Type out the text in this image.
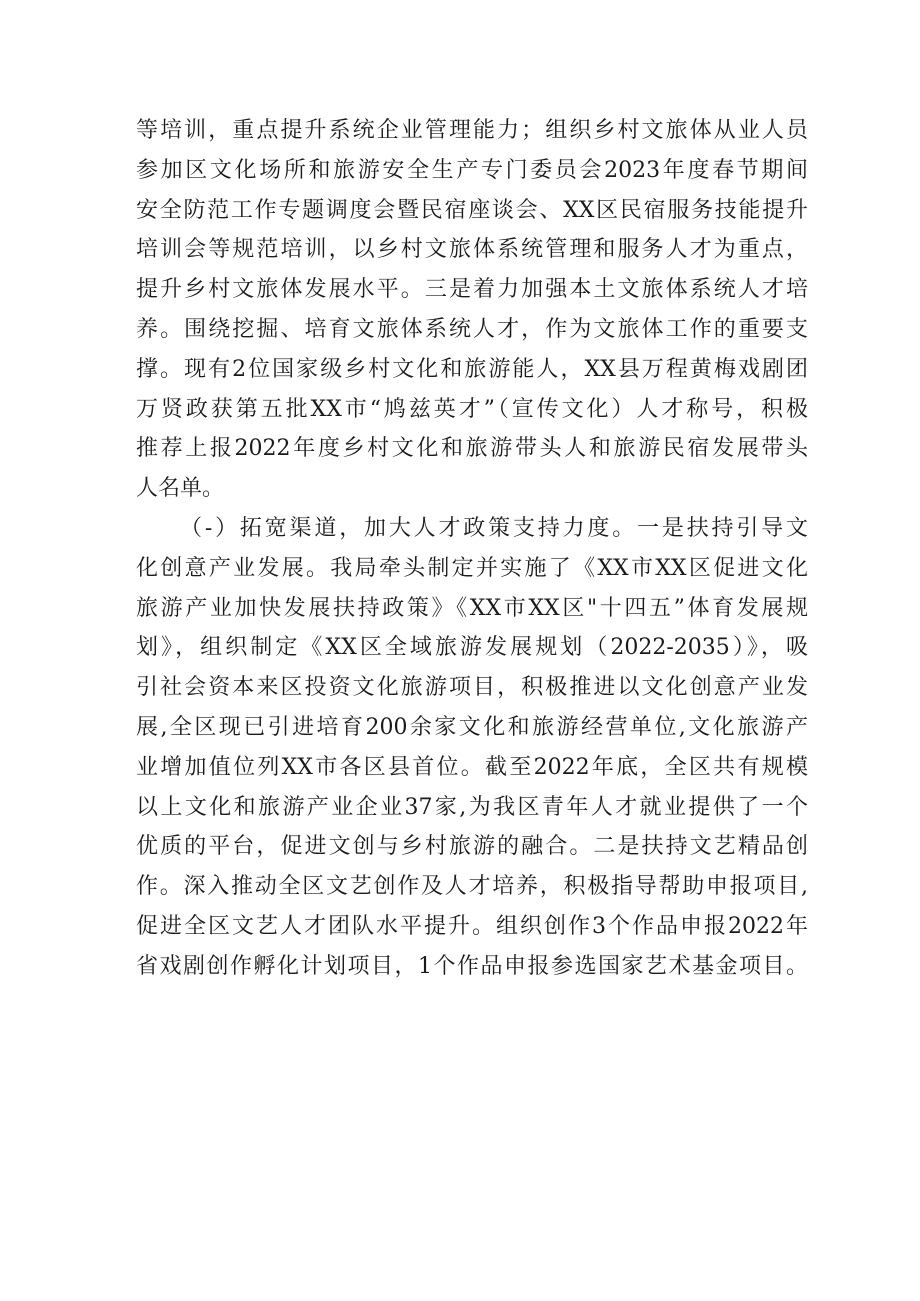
等培训，重点提升系统企业管理能力；组织乡村文旅体从业人员
参加区文化场所和旅游安全生产专门委员会2023年度春节期间
安全防范工作专题调度会暨民宿座谈会、XX区民宿服务技能提升
培训会等规范培训，以乡村文旅体系统管理和服务人才为重点，
提升乡村文旅体发展水平。三是着力加强本土文旅体系统人才培
养。围绕挖掘、培育文旅体系统人才，作为文旅体工作的重要支
撑。现有2位国家级乡村文化和旅游能人，XX县万程黄梅戏剧团
万贤政获第五批XX市“鸠兹英才”（宣传文化）人才称号，积极
推荐上报2022年度乡村文化和旅游带头人和旅游民宿发展带头
人名单。

（-）拓宽渠道，加大人才政策支持力度。一是扶持引导文
化创意产业发展。我局牵头制定并实施了《XX市XX区促进文化
旅游产业加快发展扶持政策》《XX市XX区"十四五”体育发展规
划》，组织制定《XX区全域旅游发展规划（2022-2035）》，吸
引社会资本来区投资文化旅游项目，积极推进以文化创意产业发
展,全区现已引进培育200余家文化和旅游经营单位,文化旅游产
业增加值位列XX市各区县首位。截至2022年底，全区共有规模
以上文化和旅游产业企业37家,为我区青年人才就业提供了一个
优质的平台，促进文创与乡村旅游的融合。二是扶持文艺精品创
作。深入推动全区文艺创作及人才培养，积极指导帮助申报项目,
促进全区文艺人才团队水平提升。组织创作3个作品申报2022年
省戏剧创作孵化计划项目，1个作品申报参选国家艺术基金项目。
